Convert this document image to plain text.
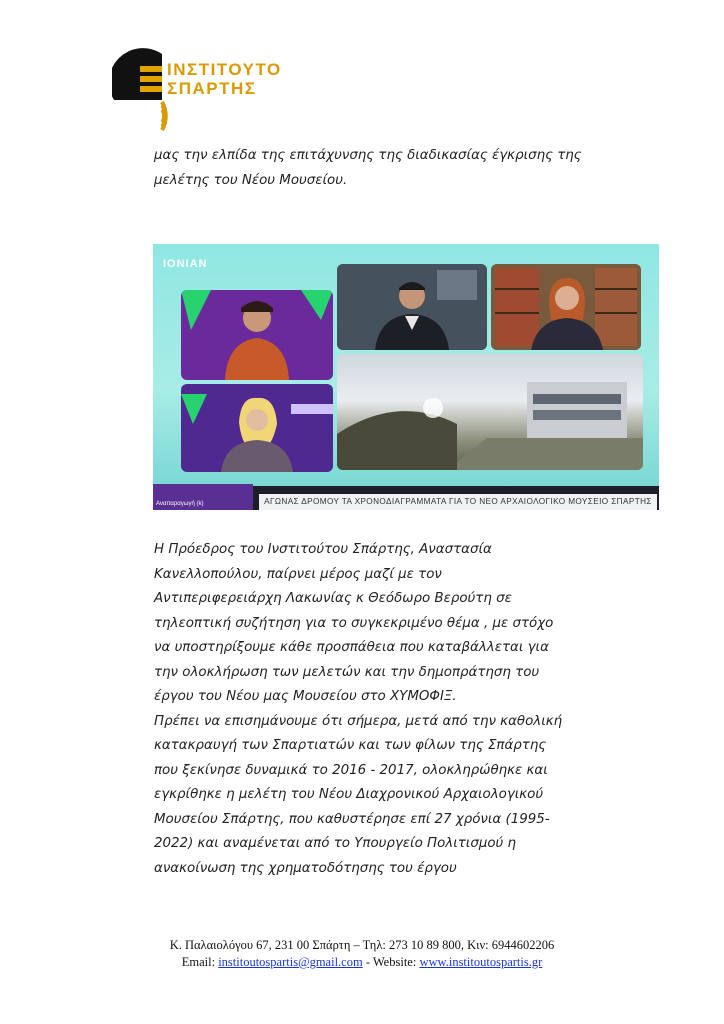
ΙΝΣΤΙΤΟΥΤΟ
ΣΠΑΡΤΗΣ
μας την ελπίδα της επιτάχυνσης της διαδικασίας έγκρισης της
μελέτης του Νέου Μουσείου.
ΙΟΝΙΑΝ
Αναπαραγωγή (k)	ΑΓΩΝΑΣ ΔΡΟΜΟΥ ΤΑ ΧΡΟΝΟΔΙΑΓΡΑΜΜΑΤΑ ΓΙΑ ΤΟ ΝΕΟ ΑΡΧΑΙΟΛΟΓΙΚΟ ΜΟΥΣΕΙΟ ΣΠΑΡΤΗΣ
Η Πρόεδρος του Ινστιτούτου Σπάρτης, Αναστασία
Κανελλοπούλου, παίρνει μέρος μαζί με τον
Αντιπεριφερειάρχη Λακωνίας κ Θεόδωρο Βερούτη σε
τηλεοπτική συζήτηση για το συγκεκριμένο θέμα , με στόχο
να υποστηρίξουμε κάθε προσπάθεια που καταβάλλεται για
την ολοκλήρωση των μελετών και την δημοπράτηση του
έργου του Νέου μας Μουσείου στο ΧΥΜΟΦΙΞ.
Πρέπει να επισημάνουμε ότι σήμερα, μετά από την καθολική
κατακραυγή των Σπαρτιατών και των φίλων της Σπάρτης
που ξεκίνησε δυναμικά το 2016 - 2017, ολοκληρώθηκε και
εγκρίθηκε η μελέτη του Νέου Διαχρονικού Αρχαιολογικού
Μουσείου Σπάρτης, που καθυστέρησε επί 27 χρόνια (1995-
2022) και αναμένεται από το Υπουργείο Πολιτισμού η
ανακοίνωση της χρηματοδότησης του έργου
Κ. Παλαιολόγου 67, 231 00 Σπάρτη – Τηλ: 273 10 89 800, Κιν: 6944602206
Email: institoutospartis@gmail.com - Website: www.institoutospartis.gr
